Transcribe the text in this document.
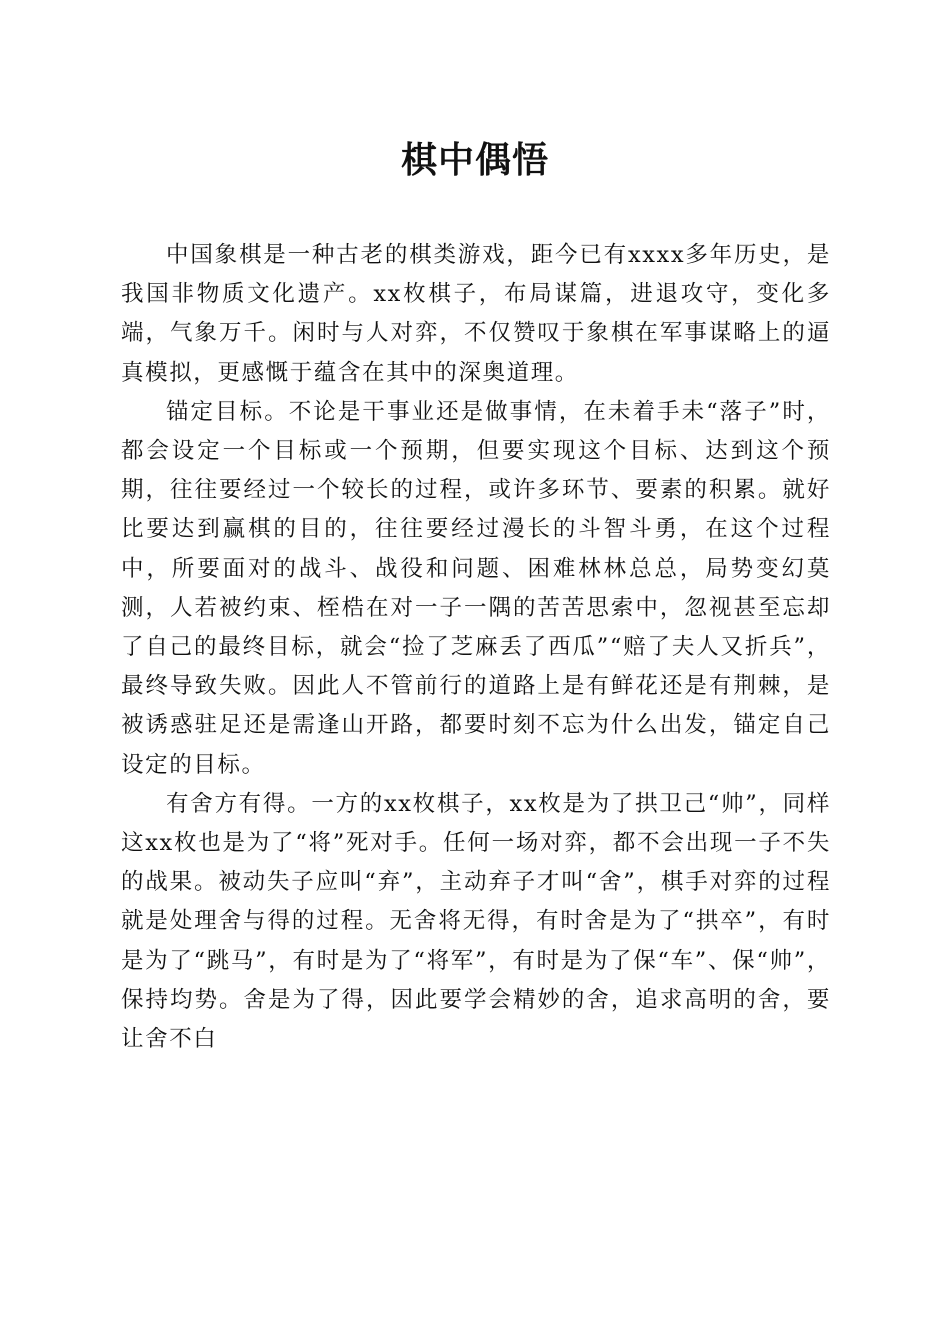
棋中偶悟

中国象棋是一种古老的棋类游戏，距今已有xxxx多年历史，是我国非物质文化遗产。xx枚棋子，布局谋篇，进退攻守，变化多端，气象万千。闲时与人对弈，不仅赞叹于象棋在军事谋略上的逼真模拟，更感慨于蕴含在其中的深奥道理。

锚定目标。不论是干事业还是做事情，在未着手未“落子”时，都会设定一个目标或一个预期，但要实现这个目标、达到这个预期，往往要经过一个较长的过程，或许多环节、要素的积累。就好比要达到赢棋的目的，往往要经过漫长的斗智斗勇，在这个过程中，所要面对的战斗、战役和问题、困难林林总总，局势变幻莫测，人若被约束、桎梏在对一子一隅的苦苦思索中，忽视甚至忘却了自己的最终目标，就会“捡了芝麻丢了西瓜”“赔了夫人又折兵”，最终导致失败。因此人不管前行的道路上是有鲜花还是有荆棘，是被诱惑驻足还是需逢山开路，都要时刻不忘为什么出发，锚定自己设定的目标。

有舍方有得。一方的xx枚棋子，xx枚是为了拱卫己“帅”，同样这xx枚也是为了“将”死对手。任何一场对弈，都不会出现一子不失的战果。被动失子应叫“弃”，主动弃子才叫“舍”，棋手对弈的过程就是处理舍与得的过程。无舍将无得，有时舍是为了“拱卒”，有时是为了“跳马”，有时是为了“将军”，有时是为了保“车”、保“帅”，保持均势。舍是为了得，因此要学会精妙的舍，追求高明的舍，要让舍不白
